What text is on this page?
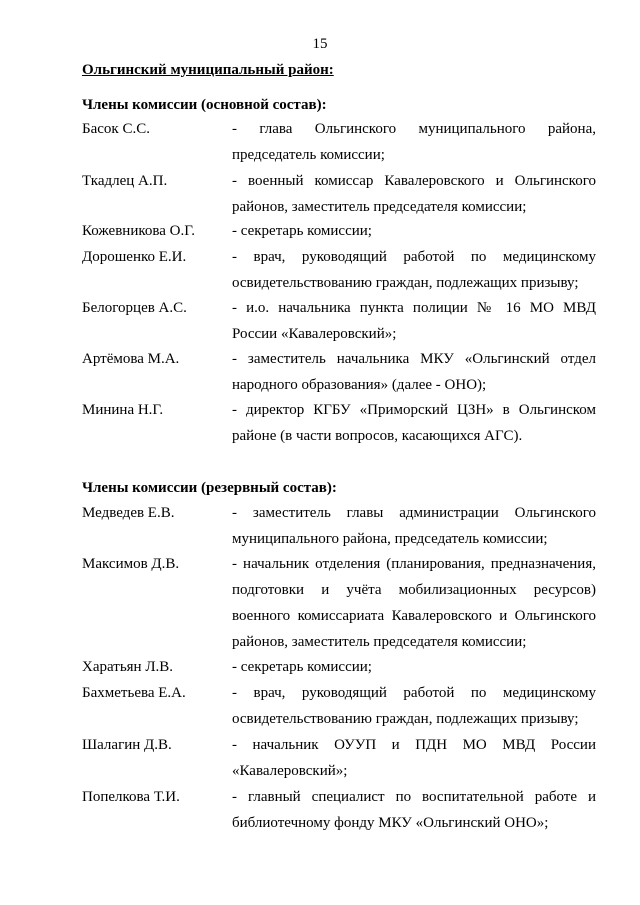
15
Ольгинский муниципальный район:
Члены комиссии (основной состав):
Басок С.С.	- глава Ольгинского муниципального района,
председатель комиссии;
Ткадлец А.П.	- военный комиссар Кавалеровского и Ольгинского
районов, заместитель председателя комиссии;
Кожевникова О.Г.	- секретарь комиссии;
Дорошенко Е.И.	- врач, руководящий работой по медицинскому
освидетельствованию граждан, подлежащих призыву;
Белогорцев А.С.	- и.о. начальника пункта полиции № 16 МО МВД
России «Кавалеровский»;
Артёмова М.А.	- заместитель начальника МКУ «Ольгинский отдел
народного образования» (далее - ОНО);
Минина Н.Г.	- директор КГБУ «Приморский ЦЗН» в Ольгинском
районе (в части вопросов, касающихся АГС).
Члены комиссии (резервный состав):
Медведев Е.В.	- заместитель главы администрации Ольгинского
муниципального района, председатель комиссии;
Максимов Д.В.	- начальник отделения (планирования, предназначения,
подготовки и учёта мобилизационных ресурсов)
военного комиссариата Кавалеровского и Ольгинского
районов, заместитель председателя комиссии;
Харатьян Л.В.	- секретарь комиссии;
Бахметьева Е.А.	- врач, руководящий работой по медицинскому
освидетельствованию граждан, подлежащих призыву;
Шалагин Д.В.	- начальник ОУУП и ПДН МО МВД России
«Кавалеровский»;
Попелкова Т.И.	- главный специалист по воспитательной работе и
библиотечному фонду МКУ «Ольгинский ОНО»;
